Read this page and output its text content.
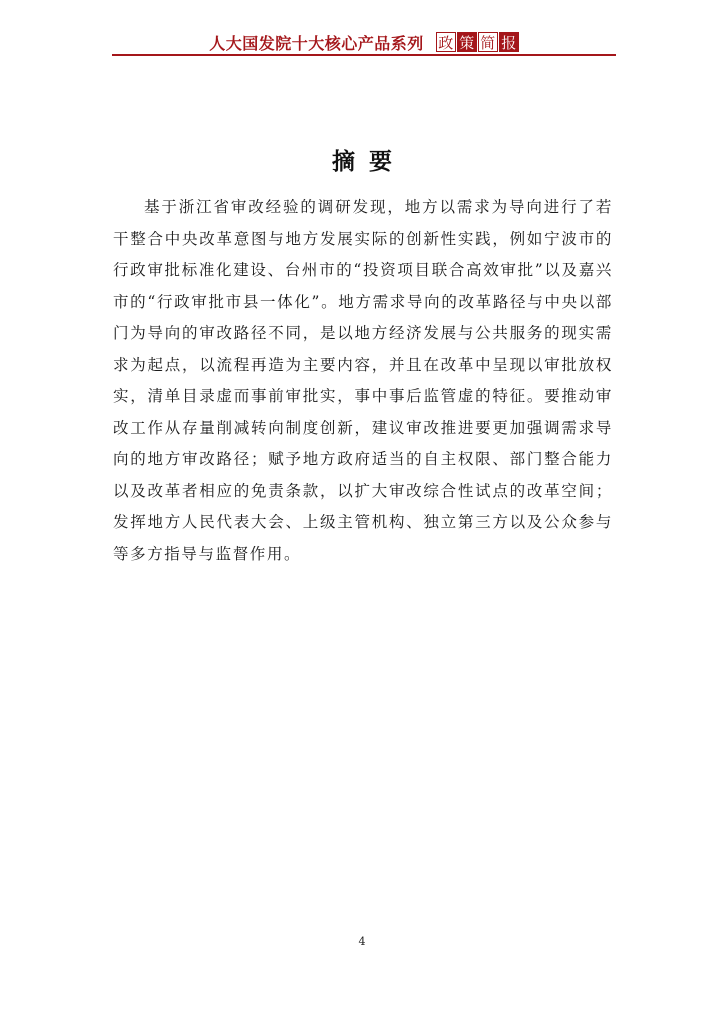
人大国发院十大核心产品系列 政 策 简 报
摘要

基于浙江省审改经验的调研发现，地方以需求为导向进行了若干整合中央改革意图与地方发展实际的创新性实践，例如宁波市的行政审批标准化建设、台州市的“投资项目联合高效审批”以及嘉兴市的“行政审批市县一体化”。地方需求导向的改革路径与中央以部门为导向的审改路径不同，是以地方经济发展与公共服务的现实需求为起点，以流程再造为主要内容，并且在改革中呈现以审批放权实，清单目录虚而事前审批实，事中事后监管虚的特征。要推动审改工作从存量削减转向制度创新，建议审改推进要更加强调需求导向的地方审改路径；赋予地方政府适当的自主权限、部门整合能力以及改革者相应的免责条款，以扩大审改综合性试点的改革空间；发挥地方人民代表大会、上级主管机构、独立第三方以及公众参与等多方指导与监督作用。

4
